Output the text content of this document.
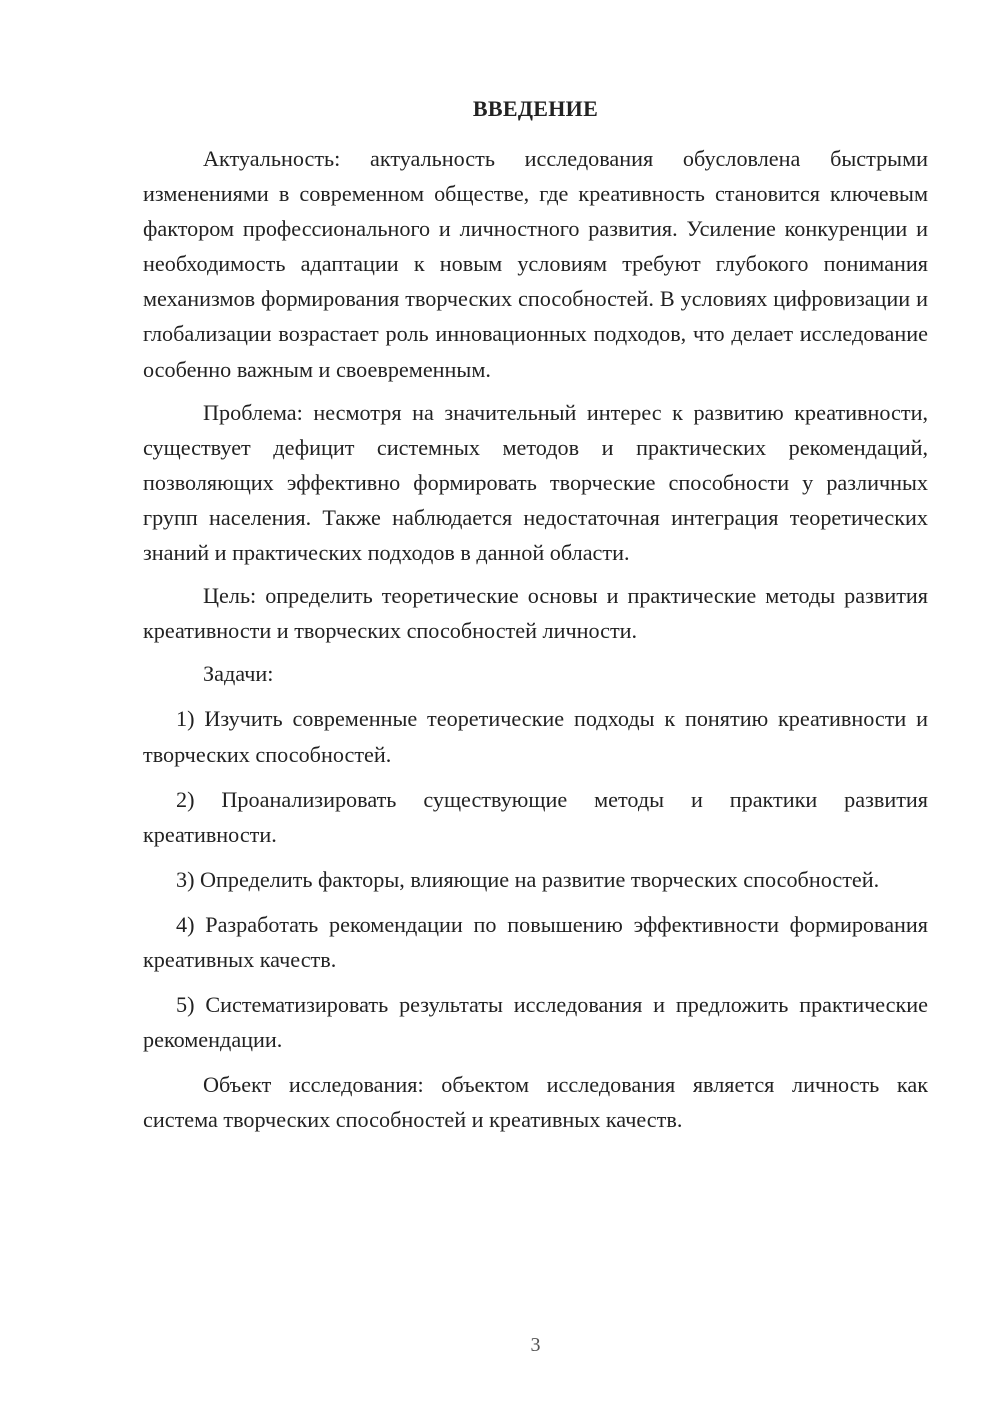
ВВЕДЕНИЕ

Актуальность: актуальность исследования обусловлена быстрыми изменениями в современном обществе, где креативность становится ключевым фактором профессионального и личностного развития. Усиление конкуренции и необходимость адаптации к новым условиям требуют глубокого понимания механизмов формирования творческих способностей. В условиях цифровизации и глобализации возрастает роль инновационных подходов, что делает исследование особенно важным и своевременным.

Проблема: несмотря на значительный интерес к развитию креативности, существует дефицит системных методов и практических рекомендаций, позволяющих эффективно формировать творческие способности у различных групп населения. Также наблюдается недостаточная интеграция теоретических знаний и практических подходов в данной области.

Цель: определить теоретические основы и практические методы развития креативности и творческих способностей личности.

Задачи:

1) Изучить современные теоретические подходы к понятию креативности и творческих способностей.

2) Проанализировать существующие методы и практики развития креативности.

3) Определить факторы, влияющие на развитие творческих способностей.

4) Разработать рекомендации по повышению эффективности формирования креативных качеств.

5) Систематизировать результаты исследования и предложить практические рекомендации.

Объект исследования: объектом исследования является личность как система творческих способностей и креативных качеств.

3
